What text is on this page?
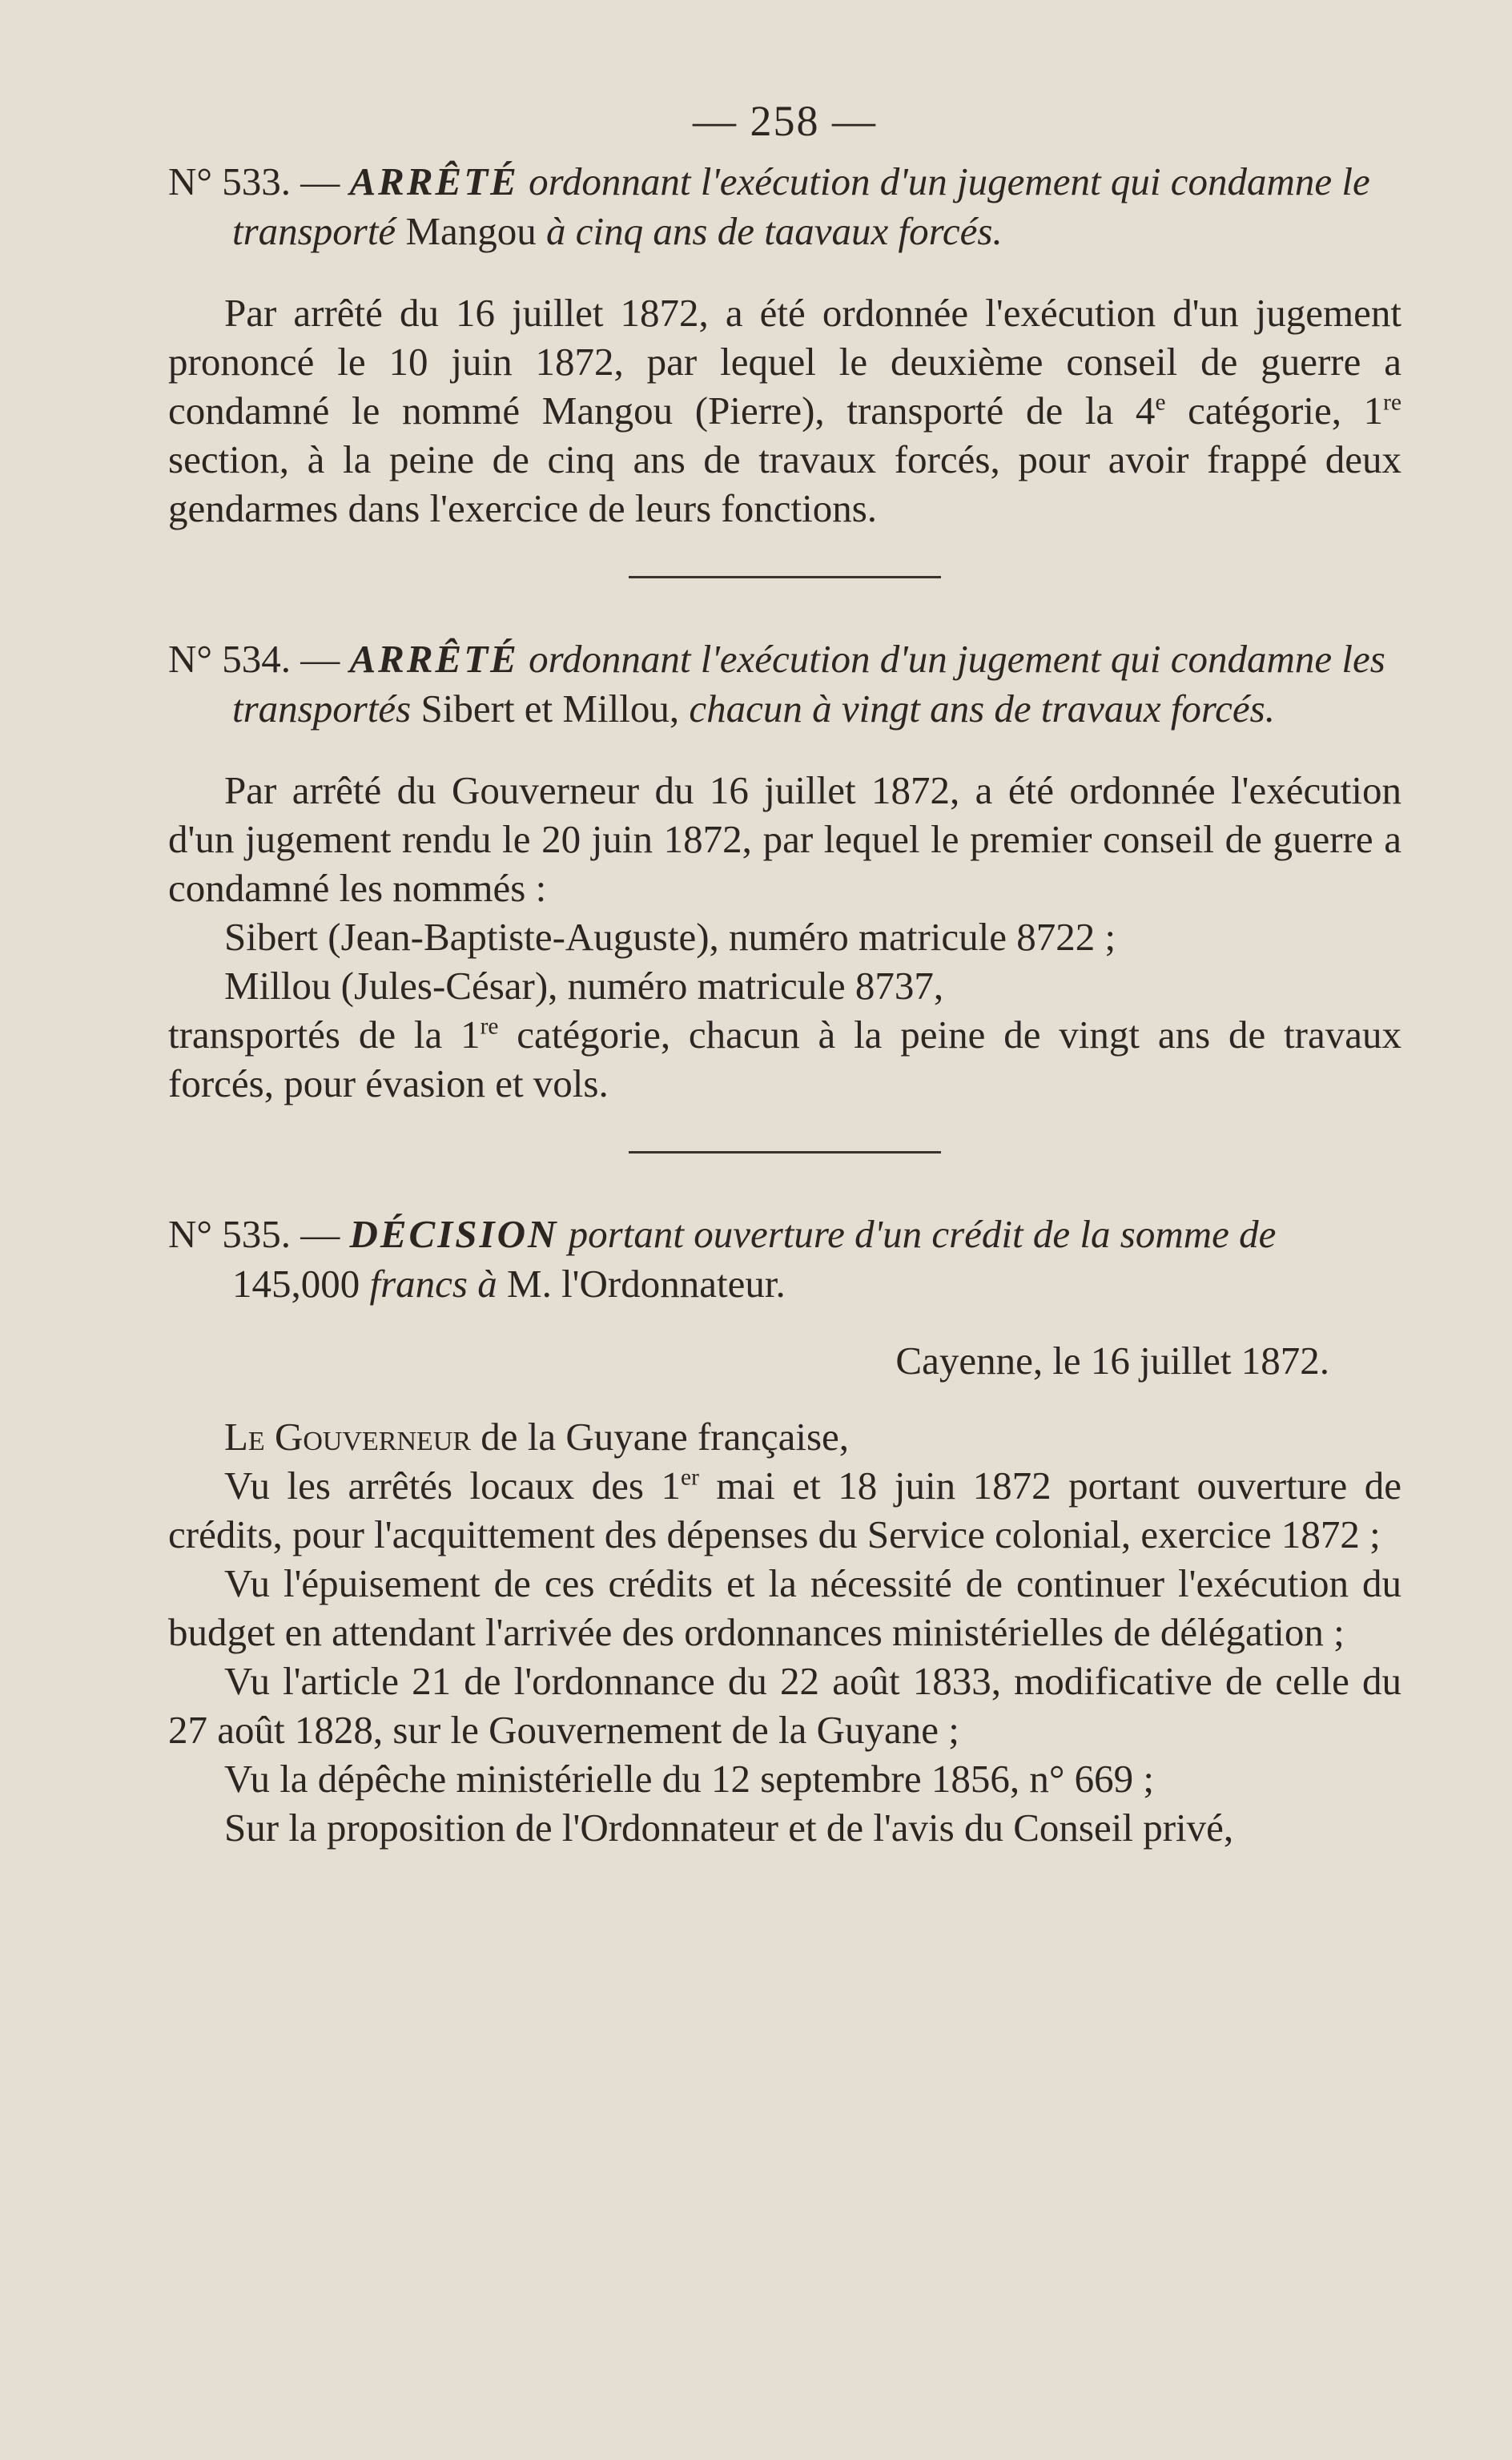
— 258 —

N° 533. — ARRÊTÉ ordonnant l'exécution d'un jugement qui condamne le transporté Mangou à cinq ans de taavaux forcés.

Par arrêté du 16 juillet 1872, a été ordonnée l'exécution d'un jugement prononcé le 10 juin 1872, par lequel le deuxième conseil de guerre a condamné le nommé Mangou (Pierre), transporté de la 4e catégorie, 1re section, à la peine de cinq ans de travaux forcés, pour avoir frappé deux gendarmes dans l'exercice de leurs fonctions.

N° 534. — ARRÊTÉ ordonnant l'exécution d'un jugement qui condamne les transportés Sibert et Millou, chacun à vingt ans de travaux forcés.

Par arrêté du Gouverneur du 16 juillet 1872, a été ordonnée l'exécution d'un jugement rendu le 20 juin 1872, par lequel le premier conseil de guerre a condamné les nommés :

Sibert (Jean-Baptiste-Auguste), numéro matricule 8722 ;

Millou (Jules-César), numéro matricule 8737,

transportés de la 1re catégorie, chacun à la peine de vingt ans de travaux forcés, pour évasion et vols.

N° 535. — DÉCISION portant ouverture d'un crédit de la somme de 145,000 francs à M. l'Ordonnateur.

Cayenne, le 16 juillet 1872.

Le Gouverneur de la Guyane française,

Vu les arrêtés locaux des 1er mai et 18 juin 1872 portant ouverture de crédits, pour l'acquittement des dépenses du Service colonial, exercice 1872 ;

Vu l'épuisement de ces crédits et la nécessité de continuer l'exécution du budget en attendant l'arrivée des ordonnances ministérielles de délégation ;

Vu l'article 21 de l'ordonnance du 22 août 1833, modificative de celle du 27 août 1828, sur le Gouvernement de la Guyane ;

Vu la dépêche ministérielle du 12 septembre 1856, n° 669 ;

Sur la proposition de l'Ordonnateur et de l'avis du Conseil privé,
